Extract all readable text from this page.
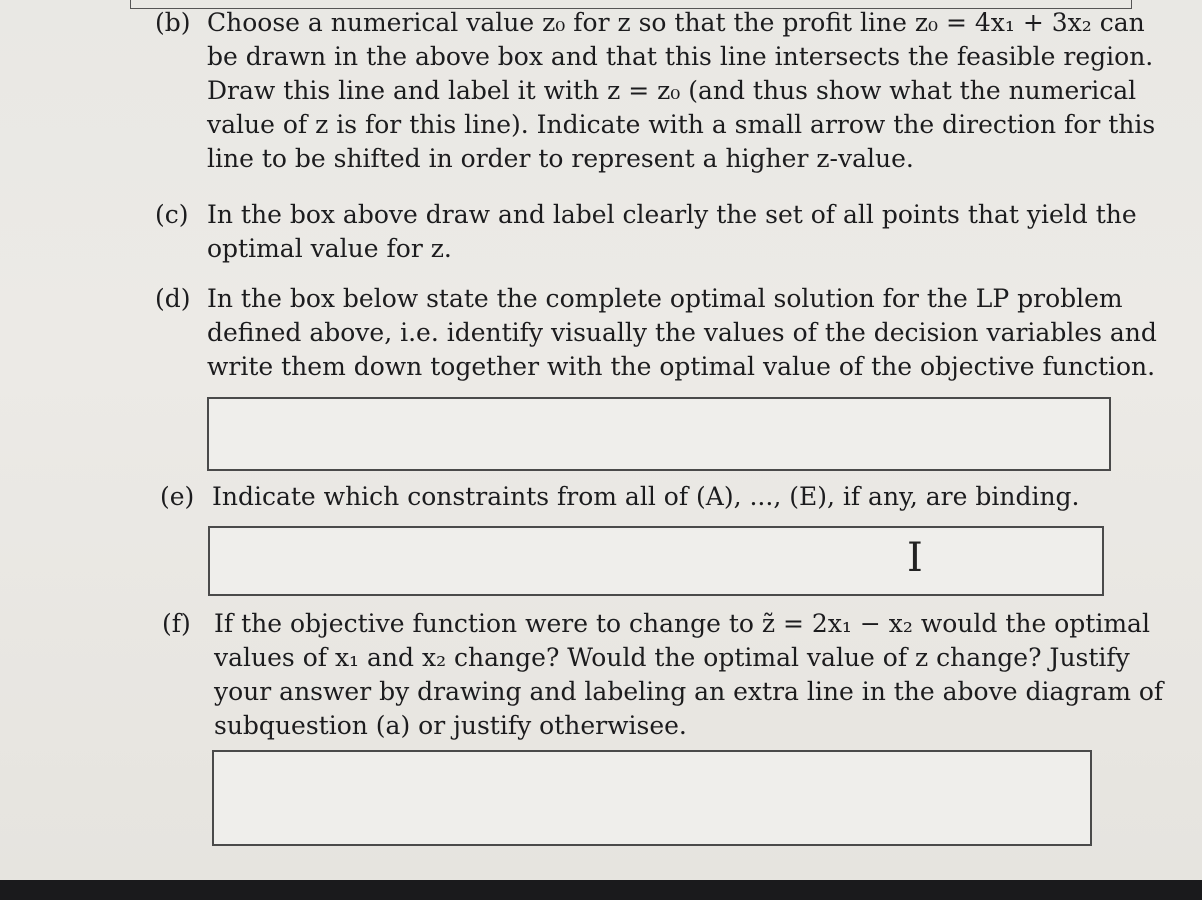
(b) Choose a numerical value z₀ for z so that the profit line z₀ = 4x₁ + 3x₂ can
be drawn in the above box and that this line intersects the feasible region.
Draw this line and label it with z = z₀ (and thus show what the numerical
value of z is for this line). Indicate with a small arrow the direction for this
line to be shifted in order to represent a higher z-value.
(c) In the box above draw and label clearly the set of all points that yield the
optimal value for z.
(d) In the box below state the complete optimal solution for the LP problem
defined above, i.e. identify visually the values of the decision variables and
write them down together with the optimal value of the objective function.
(e) Indicate which constraints from all of (A), ..., (E), if any, are binding.
I
(f) If the objective function were to change to z̃ = 2x₁ − x₂ would the optimal
values of x₁ and x₂ change? Would the optimal value of z change? Justify
your answer by drawing and labeling an extra line in the above diagram of
subquestion (a) or justify otherwisee.
